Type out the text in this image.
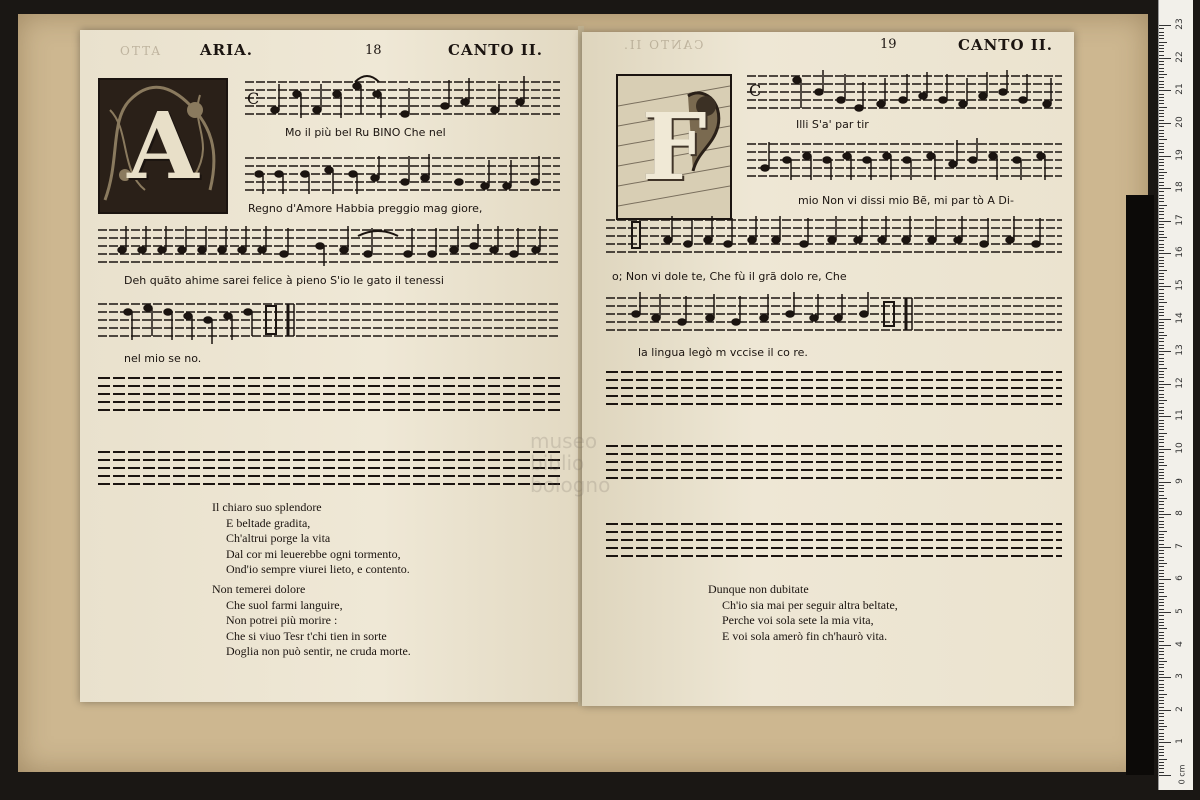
OTTA	ARIA.	18	CANTO II.
A	C
Mo il più bel Ru BINO Che nel
Regno d'Amore Habbia preggio mag giore,
Deh quãto ahime sarei felice à pieno S'io le gato il tenessi
nel mio se no.
Il chiaro suo splendore
E beltade gradita,
Ch'altrui porge la vita
Dal cor mi leuerebbe ogni tormento,
Ond'io sempre viurei lieto, e contento.
Non temerei dolore
Che suol farmi languire,
Non potrei più morire :
Che si viuo Tesr t'chi tien in sorte
Doglia non può sentir, ne cruda morte.
CANTO II.	19	CANTO II.
F
C
Illi S'a' par tir
mio Non vi dissi mio Bẽ, mi par tò A Di-
o; Non vi dole te, Che fù il grã dolo re, Che
la lingua legò m vccise il co re.
Dunque non dubitate
Ch'io sia mai per seguir altra beltate,
Perche voi sola sete la mia vita,
E voi sola amerò fin ch'haurò vita.
museo
biblio
bologno
0 cm
1
2
3
4
5
6
7
8
9
10
11
12
13
14
15
16
17
18
19
20
21
22
23
